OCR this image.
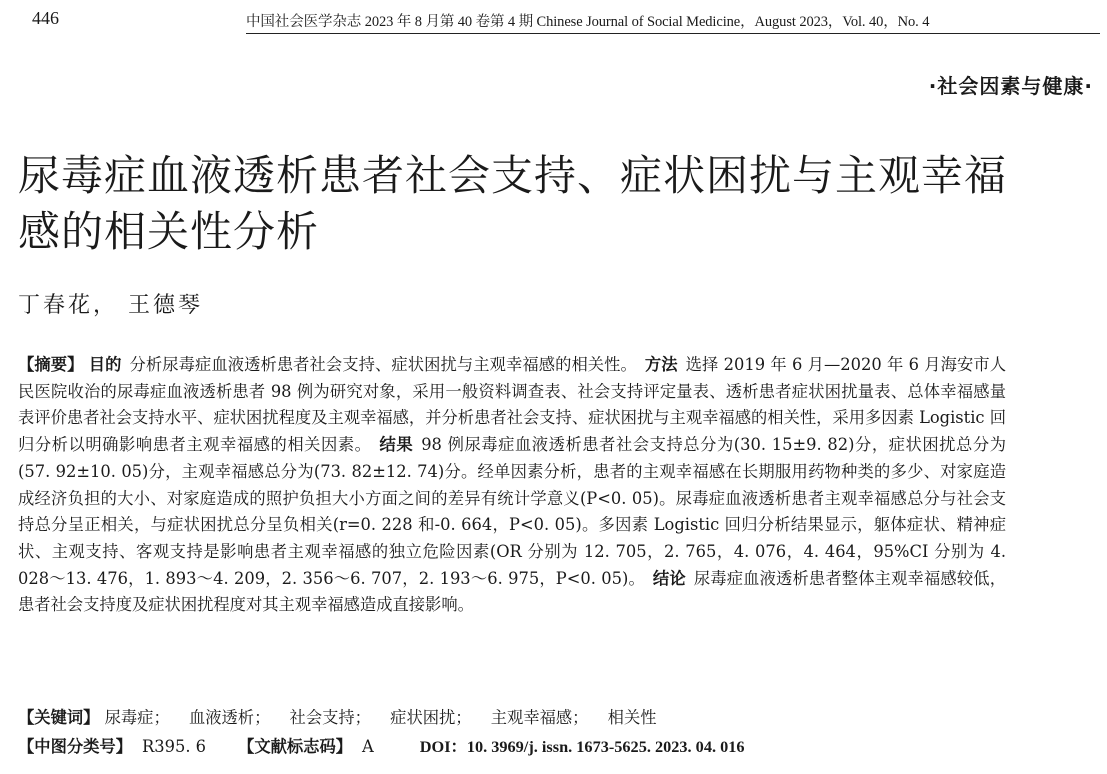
446	中国社会医学杂志 2023 年 8 月第 40 卷第 4 期 Chinese Journal of Social Medicine，August 2023，Vol. 40，No. 4
·社会因素与健康·
尿毒症血液透析患者社会支持、症状困扰与主观幸福感的相关性分析
丁春花， 王德琴
【摘要】 目的 分析尿毒症血液透析患者社会支持、症状困扰与主观幸福感的相关性。 方法 选择 2019 年 6 月—2020 年 6 月海安市人民医院收治的尿毒症血液透析患者 98 例为研究对象，采用一般资料调查表、社会支持评定量表、透析患者症状困扰量表、总体幸福感量表评价患者社会支持水平、症状困扰程度及主观幸福感，并分析患者社会支持、症状困扰与主观幸福感的相关性，采用多因素 Logistic 回归分析以明确影响患者主观幸福感的相关因素。 结果 98 例尿毒症血液透析患者社会支持总分为(30. 15±9. 82)分，症状困扰总分为(57. 92±10. 05)分，主观幸福感总分为(73. 82±12. 74)分。经单因素分析，患者的主观幸福感在长期服用药物种类的多少、对家庭造成经济负担的大小、对家庭造成的照护负担大小方面之间的差异有统计学意义(P<0. 05)。尿毒症血液透析患者主观幸福感总分与社会支持总分呈正相关，与症状困扰总分呈负相关(r=0. 228 和-0. 664，P<0. 05)。多因素 Logistic 回归分析结果显示，躯体症状、精神症状、主观支持、客观支持是影响患者主观幸福感的独立危险因素(OR 分别为 12. 705，2. 765，4. 076，4. 464，95%CI 分别为 4. 028～13. 476，1. 893～4. 209，2. 356～6. 707，2. 193～6. 975，P<0. 05)。 结论 尿毒症血液透析患者整体主观幸福感较低，患者社会支持度及症状困扰程度对其主观幸福感造成直接影响。
【关键词】 尿毒症； 血液透析； 社会支持； 症状困扰； 主观幸福感； 相关性
【中图分类号】 R395. 6 【文献标志码】 A	DOI：10. 3969/j. issn. 1673-5625. 2023. 04. 016
